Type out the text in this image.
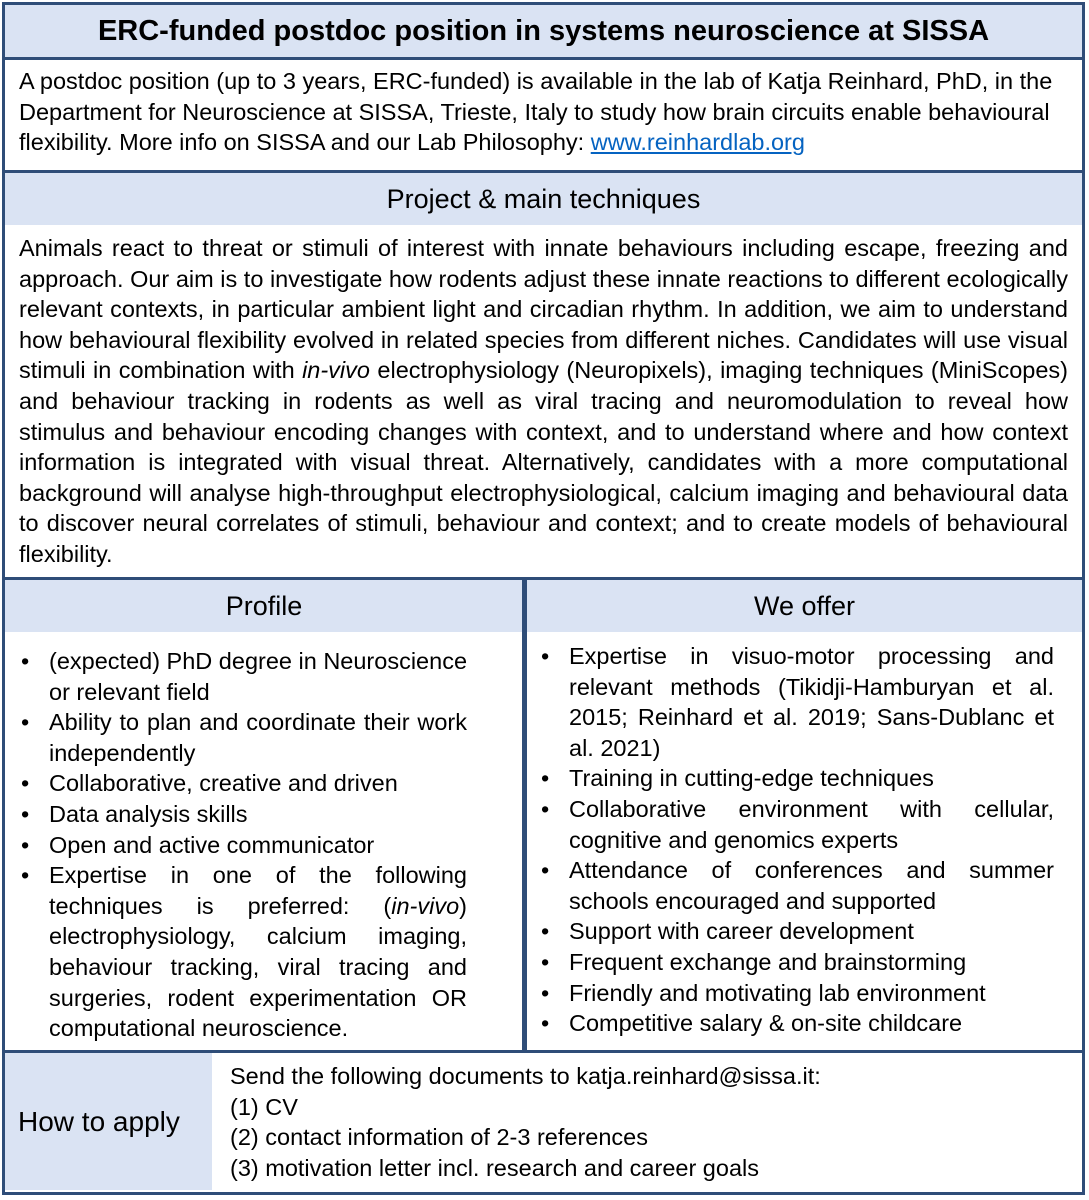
ERC-funded postdoc position in systems neuroscience at SISSA
A postdoc position (up to 3 years, ERC-funded) is available in the lab of Katja Reinhard, PhD, in the Department for Neuroscience at SISSA, Trieste, Italy to study how brain circuits enable behavioural flexibility. More info on SISSA and our Lab Philosophy: www.reinhardlab.org
Project & main techniques
Animals react to threat or stimuli of interest with innate behaviours including escape, freezing and approach. Our aim is to investigate how rodents adjust these innate reactions to different ecologically relevant contexts, in particular ambient light and circadian rhythm. In addition, we aim to understand how behavioural flexibility evolved in related species from different niches. Candidates will use visual stimuli in combination with in-vivo electrophysiology (Neuropixels), imaging techniques (MiniScopes) and behaviour tracking in rodents as well as viral tracing and neuromodulation to reveal how stimulus and behaviour encoding changes with context, and to understand where and how context information is integrated with visual threat. Alternatively, candidates with a more computational background will analyse high-throughput electrophysiological, calcium imaging and behavioural data to discover neural correlates of stimuli, behaviour and context; and to create models of behavioural flexibility.
Profile	We offer
• (expected) PhD degree in Neuroscience or relevant field
• Ability to plan and coordinate their work independently
• Collaborative, creative and driven
• Data analysis skills
• Open and active communicator
• Expertise in one of the following techniques is preferred: (in-vivo) electrophysiology, calcium imaging, behaviour tracking, viral tracing and surgeries, rodent experimentation OR computational neuroscience.
• Expertise in visuo-motor processing and relevant methods (Tikidji-Hamburyan et al. 2015; Reinhard et al. 2019; Sans-Dublanc et al. 2021)
• Training in cutting-edge techniques
• Collaborative environment with cellular, cognitive and genomics experts
• Attendance of conferences and summer schools encouraged and supported
• Support with career development
• Frequent exchange and brainstorming
• Friendly and motivating lab environment
• Competitive salary & on-site childcare
How to apply
Send the following documents to katja.reinhard@sissa.it:
(1) CV
(2) contact information of 2-3 references
(3) motivation letter incl. research and career goals
